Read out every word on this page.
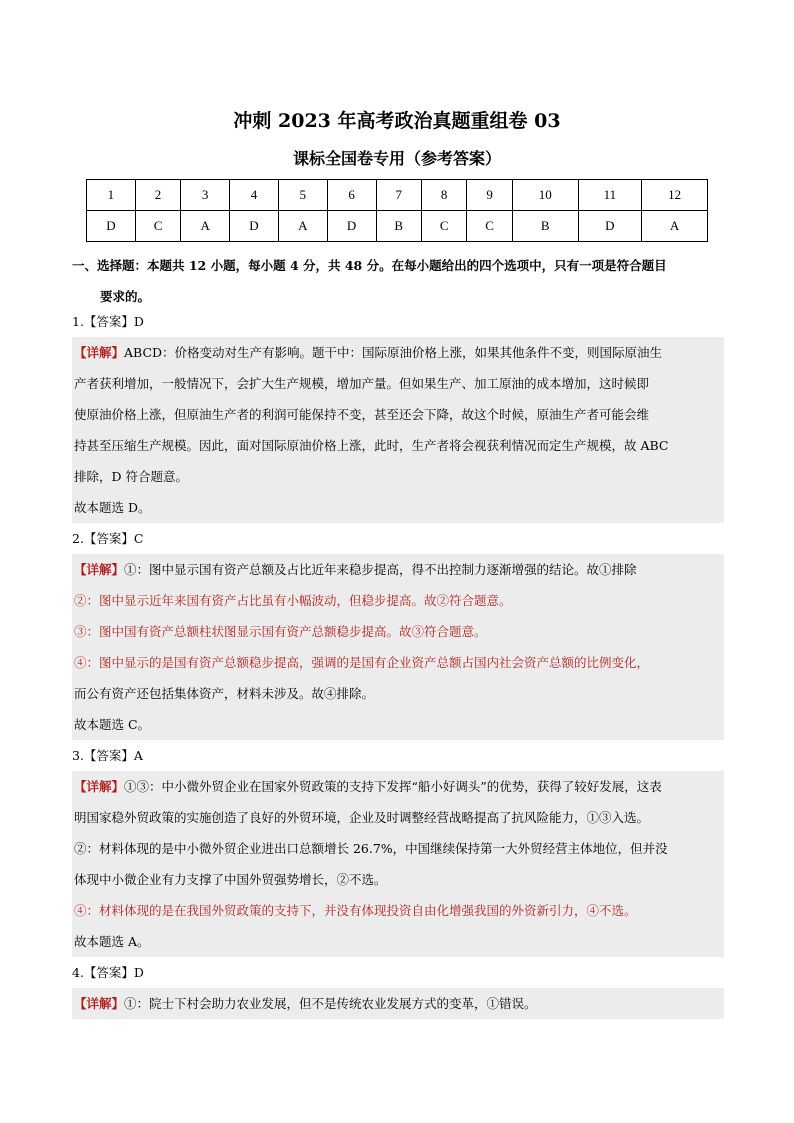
冲刺 2023 年高考政治真题重组卷 03
课标全国卷专用（参考答案）
1	2	3	4	5	6	7	8	9	10	11	12
D	C	A	D	A	D	B	C	C	B	D	A
一、选择题：本题共 12 小题，每小题 4 分，共 48 分。在每小题给出的四个选项中，只有一项是符合题目
要求的。
1.【答案】D
【详解】ABCD：价格变动对生产有影响。题干中：国际原油价格上涨，如果其他条件不变，则国际原油生
产者获利增加，一般情况下，会扩大生产规模，增加产量。但如果生产、加工原油的成本增加，这时候即
使原油价格上涨，但原油生产者的利润可能保持不变，甚至还会下降，故这个时候，原油生产者可能会维
持甚至压缩生产规模。因此，面对国际原油价格上涨，此时，生产者将会视获利情况而定生产规模，故 ABC
排除，D 符合题意。
故本题选 D。
2.【答案】C
【详解】①：图中显示国有资产总额及占比近年来稳步提高，得不出控制力逐渐增强的结论。故①排除
②：图中显示近年来国有资产占比虽有小幅波动，但稳步提高。故②符合题意。
③：图中国有资产总额柱状图显示国有资产总额稳步提高。故③符合题意。
④：图中显示的是国有资产总额稳步提高，强调的是国有企业资产总额占国内社会资产总额的比例变化，
而公有资产还包括集体资产，材料未涉及。故④排除。
故本题选 C。
3.【答案】A
【详解】①③：中小微外贸企业在国家外贸政策的支持下发挥“船小好调头”的优势，获得了较好发展，这表
明国家稳外贸政策的实施创造了良好的外贸环境，企业及时调整经营战略提高了抗风险能力，①③入选。
②：材料体现的是中小微外贸企业进出口总额增长 26.7%，中国继续保持第一大外贸经营主体地位，但并没
体现中小微企业有力支撑了中国外贸强势增长，②不选。
④：材料体现的是在我国外贸政策的支持下，并没有体现投资自由化增强我国的外资新引力，④不选。
故本题选 A。
4.【答案】D
【详解】①：院士下村会助力农业发展，但不是传统农业发展方式的变革，①错误。
